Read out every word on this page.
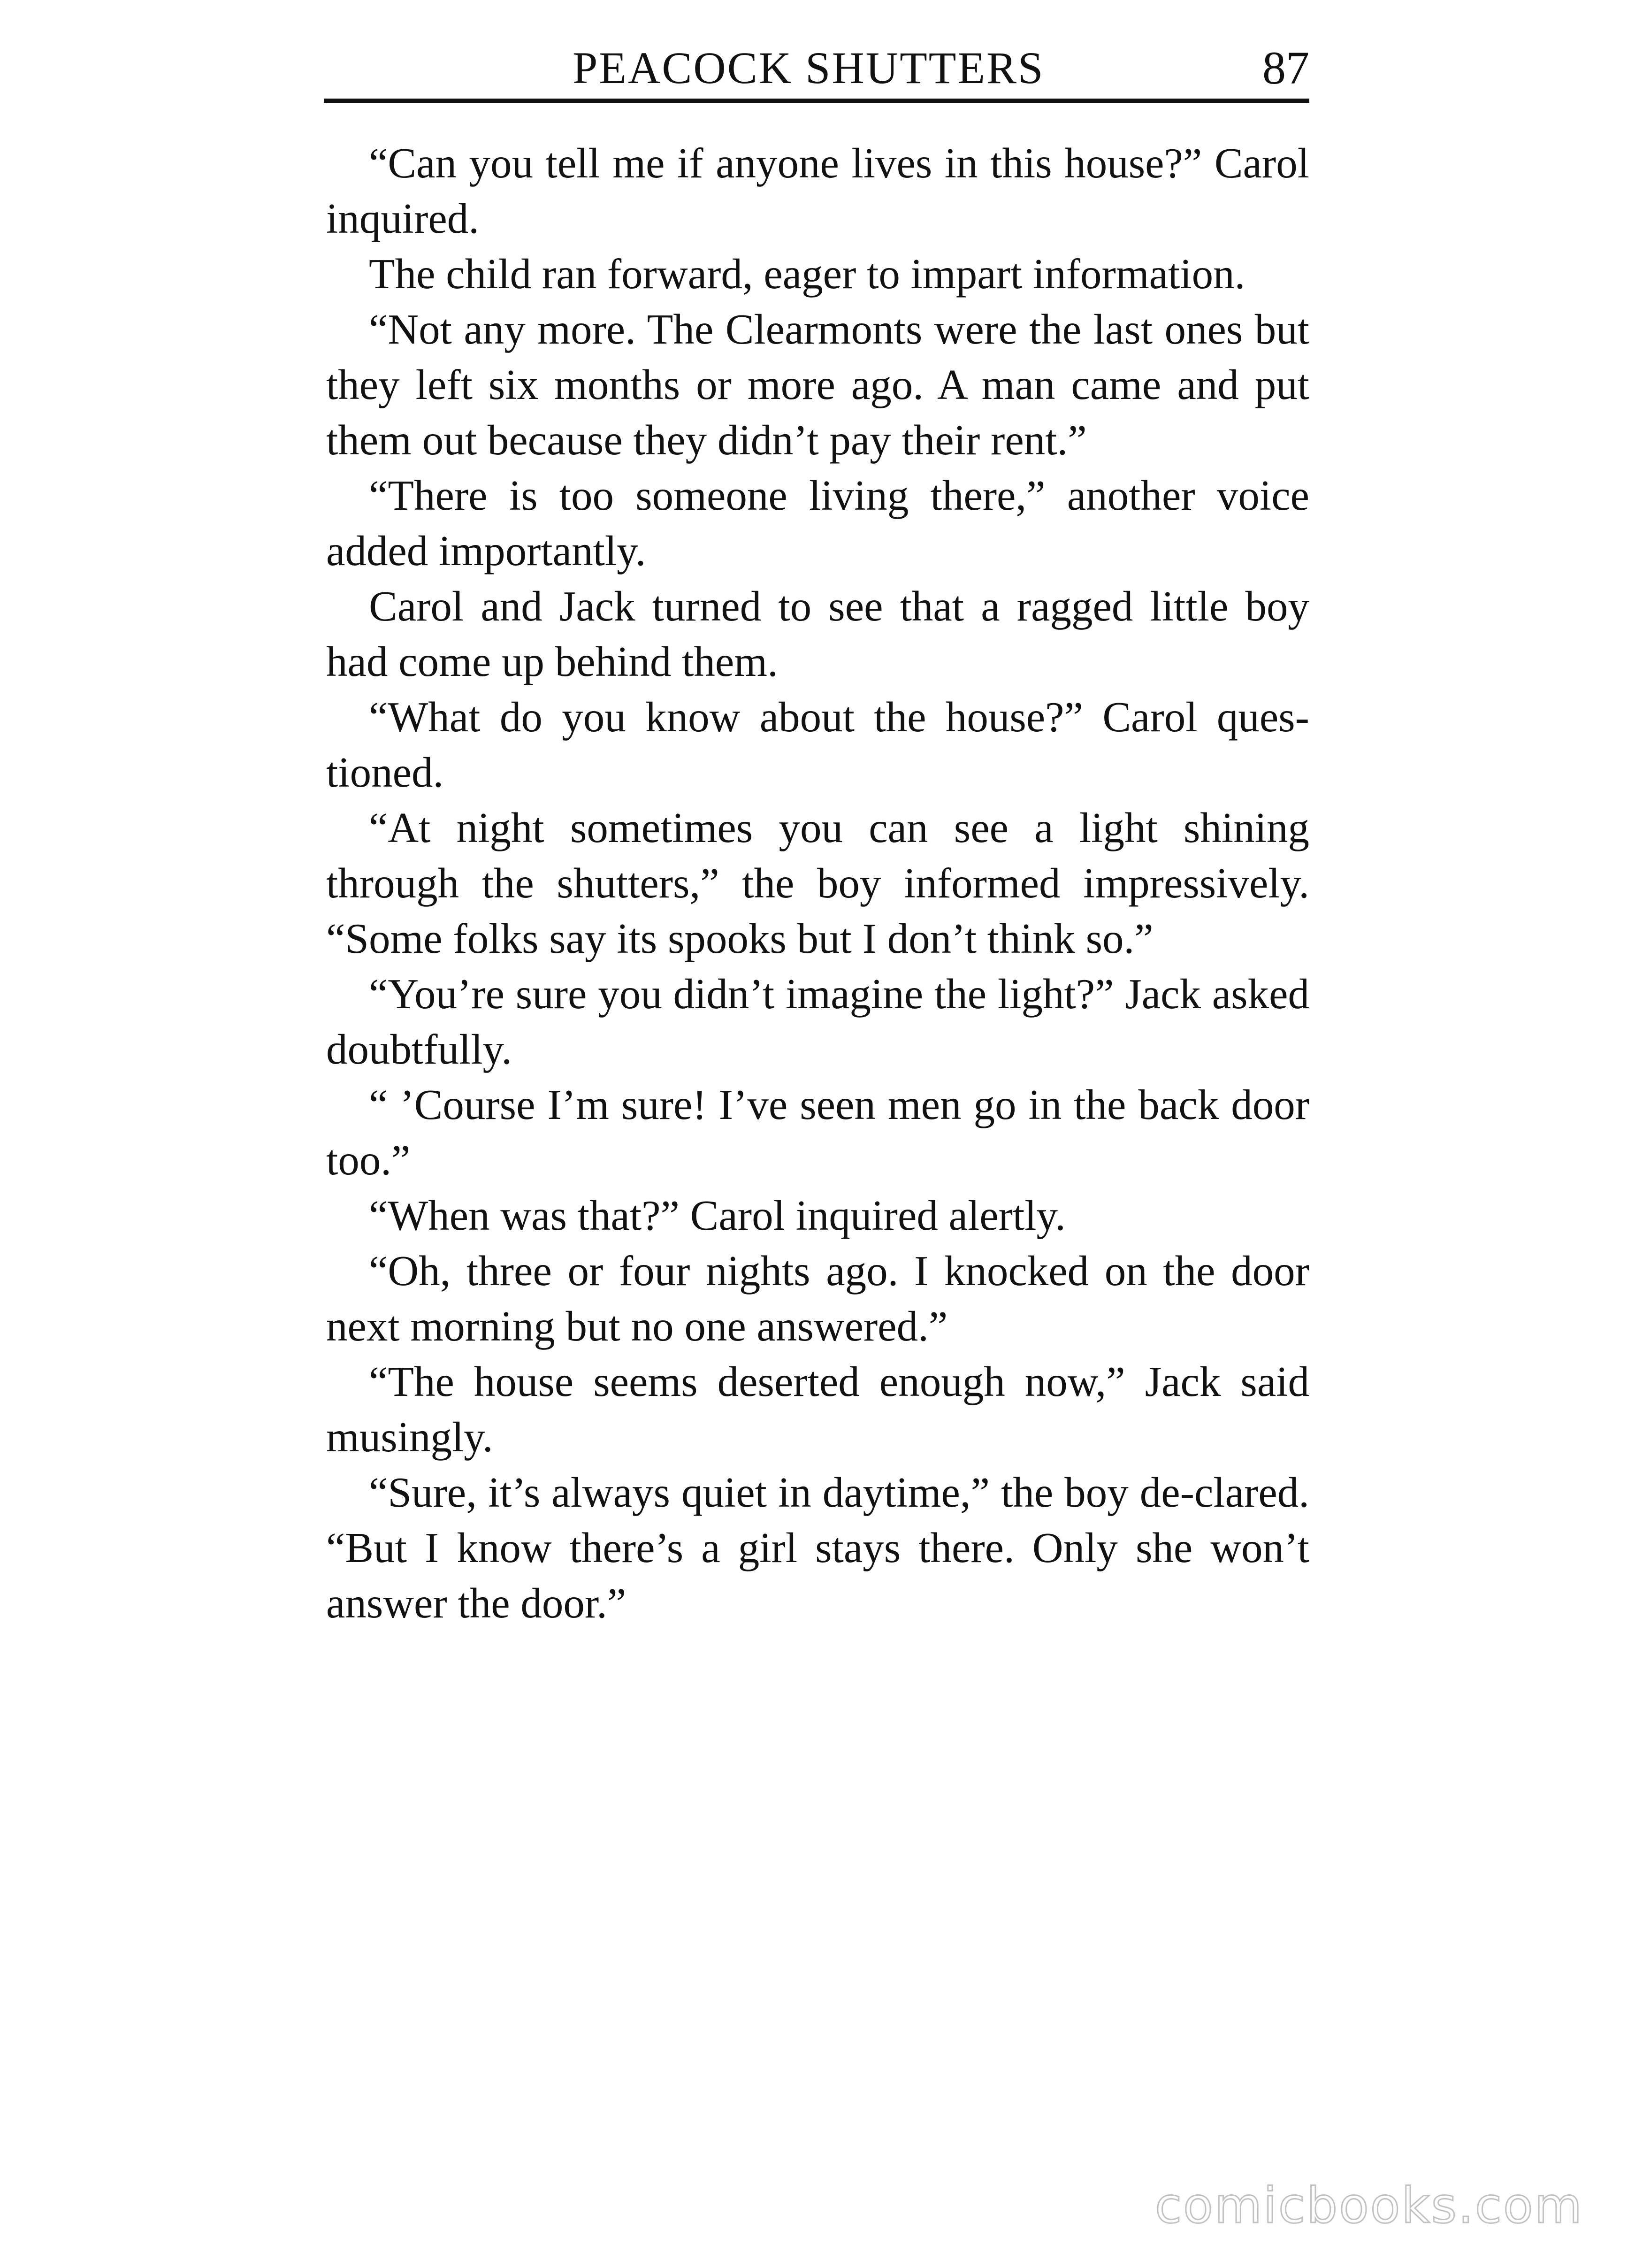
PEACOCK SHUTTERS	87

“Can you tell me if anyone lives in this house?” Carol inquired.

The child ran forward, eager to impart information.

“Not any more. The Clearmonts were the last ones but they left six months or more ago. A man came and put them out because they didn’t pay their rent.”

“There is too someone living there,” another voice added importantly.

Carol and Jack turned to see that a ragged little boy had come up behind them.

“What do you know about the house?” Carol ques-tioned.

“At night sometimes you can see a light shining through the shutters,” the boy informed impressively. “Some folks say its spooks but I don’t think so.”

“You’re sure you didn’t imagine the light?” Jack asked doubtfully.

“ ’Course I’m sure! I’ve seen men go in the back door too.”

“When was that?” Carol inquired alertly.

“Oh, three or four nights ago. I knocked on the door next morning but no one answered.”

“The house seems deserted enough now,” Jack said musingly.

“Sure, it’s always quiet in daytime,” the boy de-clared. “But I know there’s a girl stays there. Only she won’t answer the door.”

comicbooks.com
